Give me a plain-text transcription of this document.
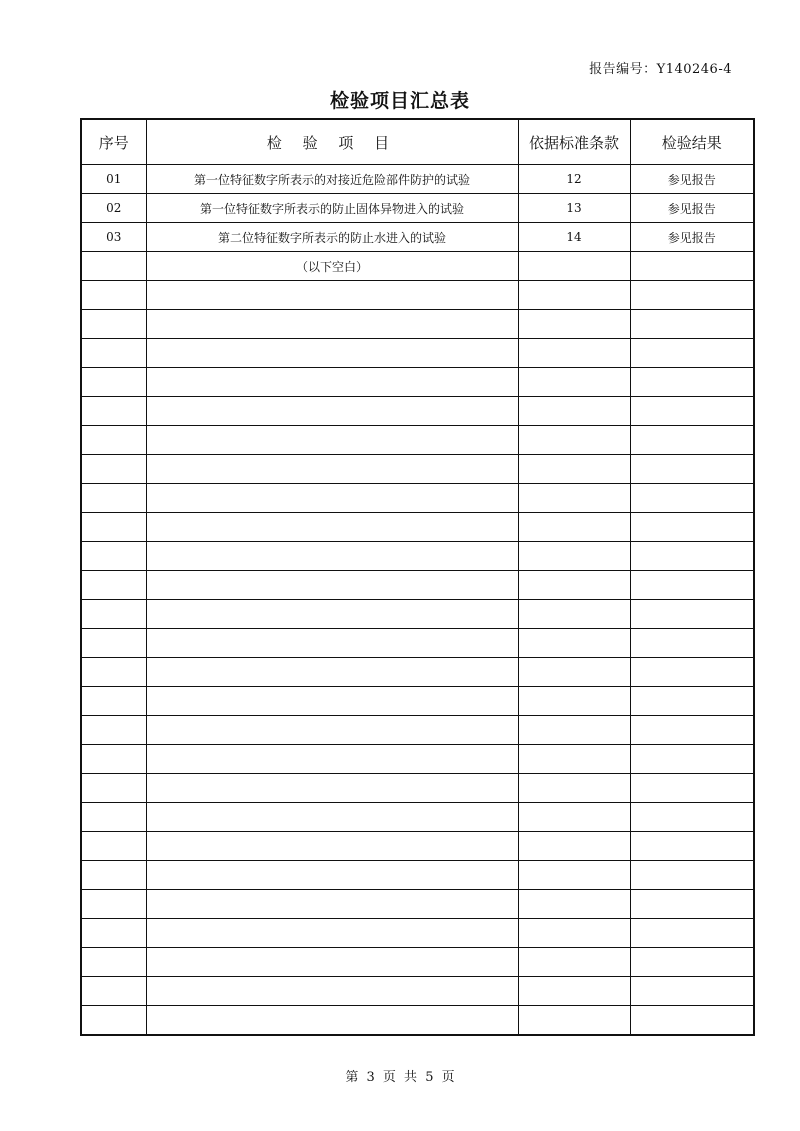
报告编号：Y140246-4
检验项目汇总表
序号	检 验 项 目	依据标准条款	检验结果
01	第一位特征数字所表示的对接近危险部件防护的试验	12	参见报告
02	第一位特征数字所表示的防止固体异物进入的试验	13	参见报告
03	第二位特征数字所表示的防止水进入的试验	14	参见报告
	（以下空白）		

第 3 页 共 5 页
